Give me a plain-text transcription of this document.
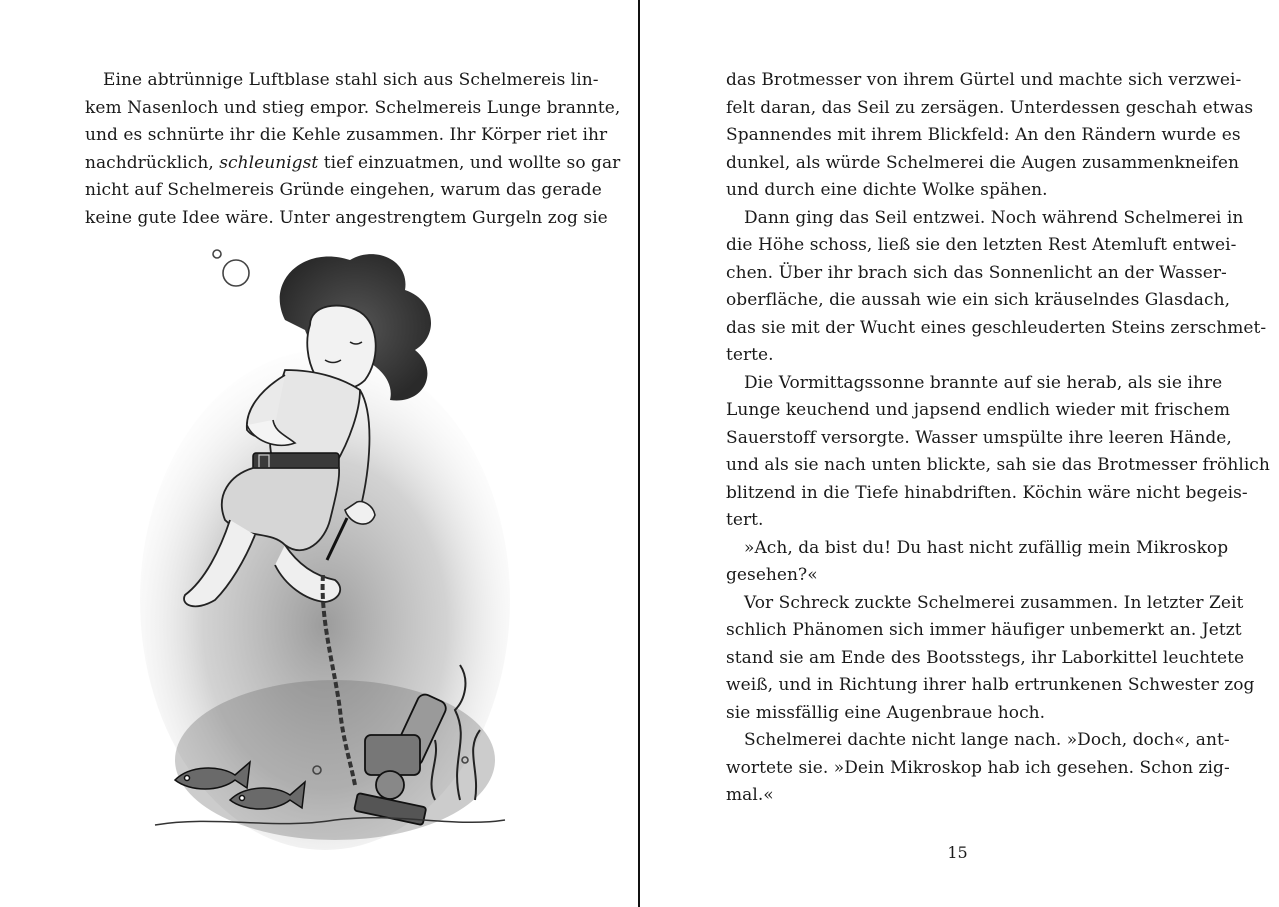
Eine abtrünnige Luftblase stahl sich aus Schelmereis lin-
kem Nasenloch und stieg empor. Schelmereis Lunge brannte,
und es schnürte ihr die Kehle zusammen. Ihr Körper riet ihr
nachdrücklich, schleunigst tief einzuatmen, und wollte so gar
nicht auf Schelmereis Gründe eingehen, warum das gerade
keine gute Idee wäre. Unter angestrengtem Gurgeln zog sie
das Brotmesser von ihrem Gürtel und machte sich verzwei-
felt daran, das Seil zu zersägen. Unterdessen geschah etwas
Spannendes mit ihrem Blickfeld: An den Rändern wurde es
dunkel, als würde Schelmerei die Augen zusammenkneifen
und durch eine dichte Wolke spähen.
Dann ging das Seil entzwei. Noch während Schelmerei in
die Höhe schoss, ließ sie den letzten Rest Atemluft entwei-
chen. Über ihr brach sich das Sonnenlicht an der Wasser-
oberfläche, die aussah wie ein sich kräuselndes Glasdach,
das sie mit der Wucht eines geschleuderten Steins zerschmet-
terte.
Die Vormittagssonne brannte auf sie herab, als sie ihre
Lunge keuchend und japsend endlich wieder mit frischem
Sauerstoff versorgte. Wasser umspülte ihre leeren Hände,
und als sie nach unten blickte, sah sie das Brotmesser fröhlich
blitzend in die Tiefe hinabdriften. Köchin wäre nicht begeis-
tert.
»Ach, da bist du! Du hast nicht zufällig mein Mikroskop
gesehen?«
Vor Schreck zuckte Schelmerei zusammen. In letzter Zeit
schlich Phänomen sich immer häufiger unbemerkt an. Jetzt
stand sie am Ende des Bootsstegs, ihr Laborkittel leuchtete
weiß, und in Richtung ihrer halb ertrunkenen Schwester zog
sie missfällig eine Augenbraue hoch.
Schelmerei dachte nicht lange nach. »Doch, doch«, ant-
wortete sie. »Dein Mikroskop hab ich gesehen. Schon zig-
mal.«
15
